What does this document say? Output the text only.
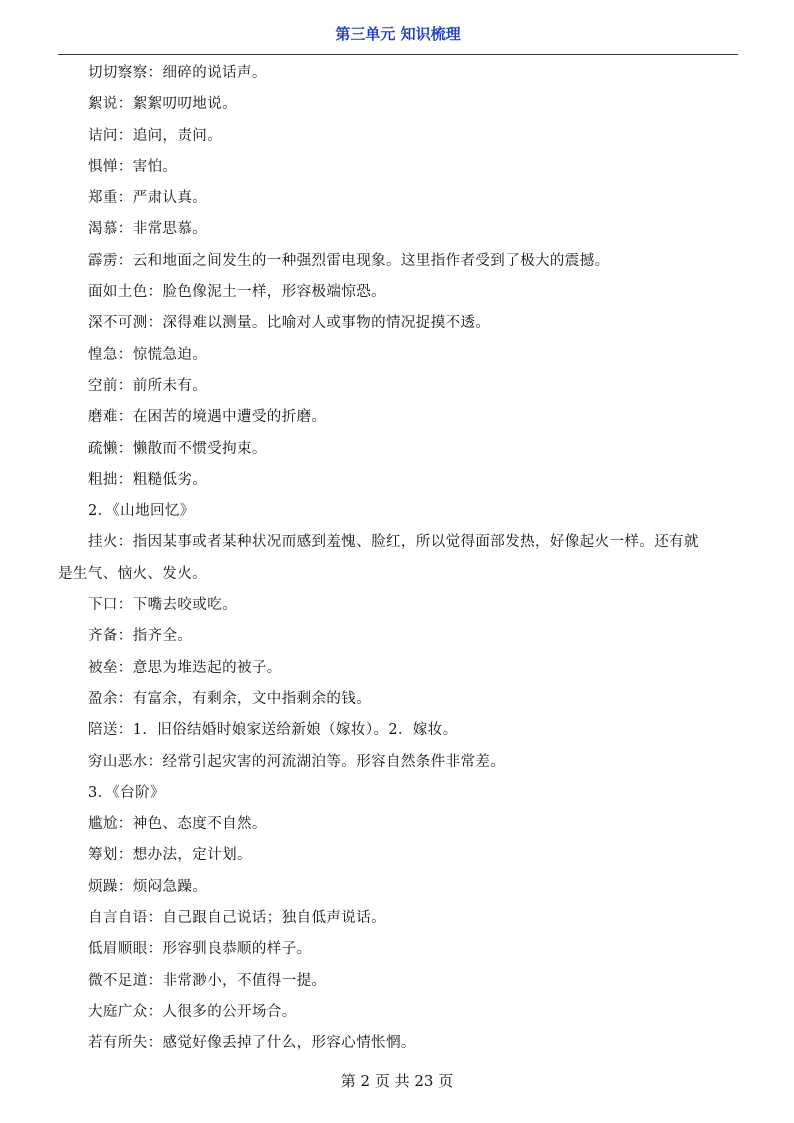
第三单元 知识梳理
切切察察：细碎的说话声。
絮说：絮絮叨叨地说。
诘问：追问，责问。
惧惮：害怕。
郑重：严肃认真。
渴慕：非常思慕。
霹雳：云和地面之间发生的一种强烈雷电现象。这里指作者受到了极大的震撼。
面如土色：脸色像泥土一样，形容极端惊恐。
深不可测：深得难以测量。比喻对人或事物的情况捉摸不透。
惶急：惊慌急迫。
空前：前所未有。
磨难：在困苦的境遇中遭受的折磨。
疏懒：懒散而不惯受拘束。
粗拙：粗糙低劣。
2．《山地回忆》
挂火：指因某事或者某种状况而感到羞愧、脸红，所以觉得面部发热，好像起火一样。还有就
是生气、恼火、发火。
下口：下嘴去咬或吃。
齐备：指齐全。
被垒：意思为堆迭起的被子。
盈余：有富余，有剩余，文中指剩余的钱。
陪送：1．旧俗结婚时娘家送给新娘（嫁妆）。2．嫁妆。
穷山恶水：经常引起灾害的河流湖泊等。形容自然条件非常差。
3．《台阶》
尴尬：神色、态度不自然。
筹划：想办法，定计划。
烦躁：烦闷急躁。
自言自语：自己跟自己说话；独自低声说话。
低眉顺眼：形容驯良恭顺的样子。
微不足道：非常渺小，不值得一提。
大庭广众：人很多的公开场合。
若有所失：感觉好像丢掉了什么，形容心情怅惘。
第 2 页 共 23 页
